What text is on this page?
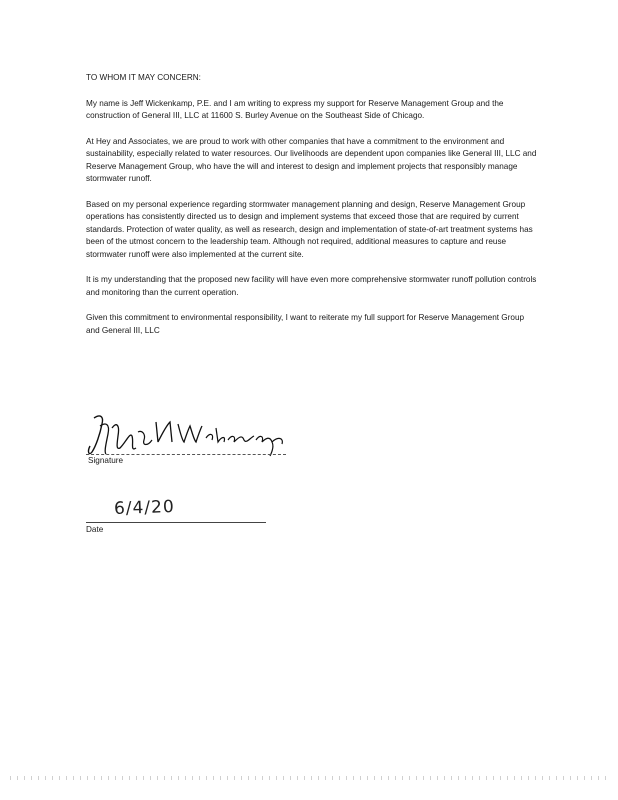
TO WHOM IT MAY CONCERN:

My name is Jeff Wickenkamp, P.E. and I am writing to express my support for Reserve Management Group and the construction of General III, LLC at 11600 S. Burley Avenue on the Southeast Side of Chicago.

At Hey and Associates, we are proud to work with other companies that have a commitment to the environment and sustainability, especially related to water resources. Our livelihoods are dependent upon companies like General III, LLC and Reserve Management Group, who have the will and interest to design and implement projects that responsibly manage stormwater runoff.

Based on my personal experience regarding stormwater management planning and design, Reserve Management Group operations has consistently directed us to design and implement systems that exceed those that are required by current standards. Protection of water quality, as well as research, design and implementation of state-of-art treatment systems has been of the utmost concern to the leadership team. Although not required, additional measures to capture and reuse stormwater runoff were also implemented at the current site.

It is my understanding that the proposed new facility will have even more comprehensive stormwater runoff pollution controls and monitoring than the current operation.

Given this commitment to environmental responsibility, I want to reiterate my full support for Reserve Management Group and General III, LLC

Signature
6/4/20
Date
